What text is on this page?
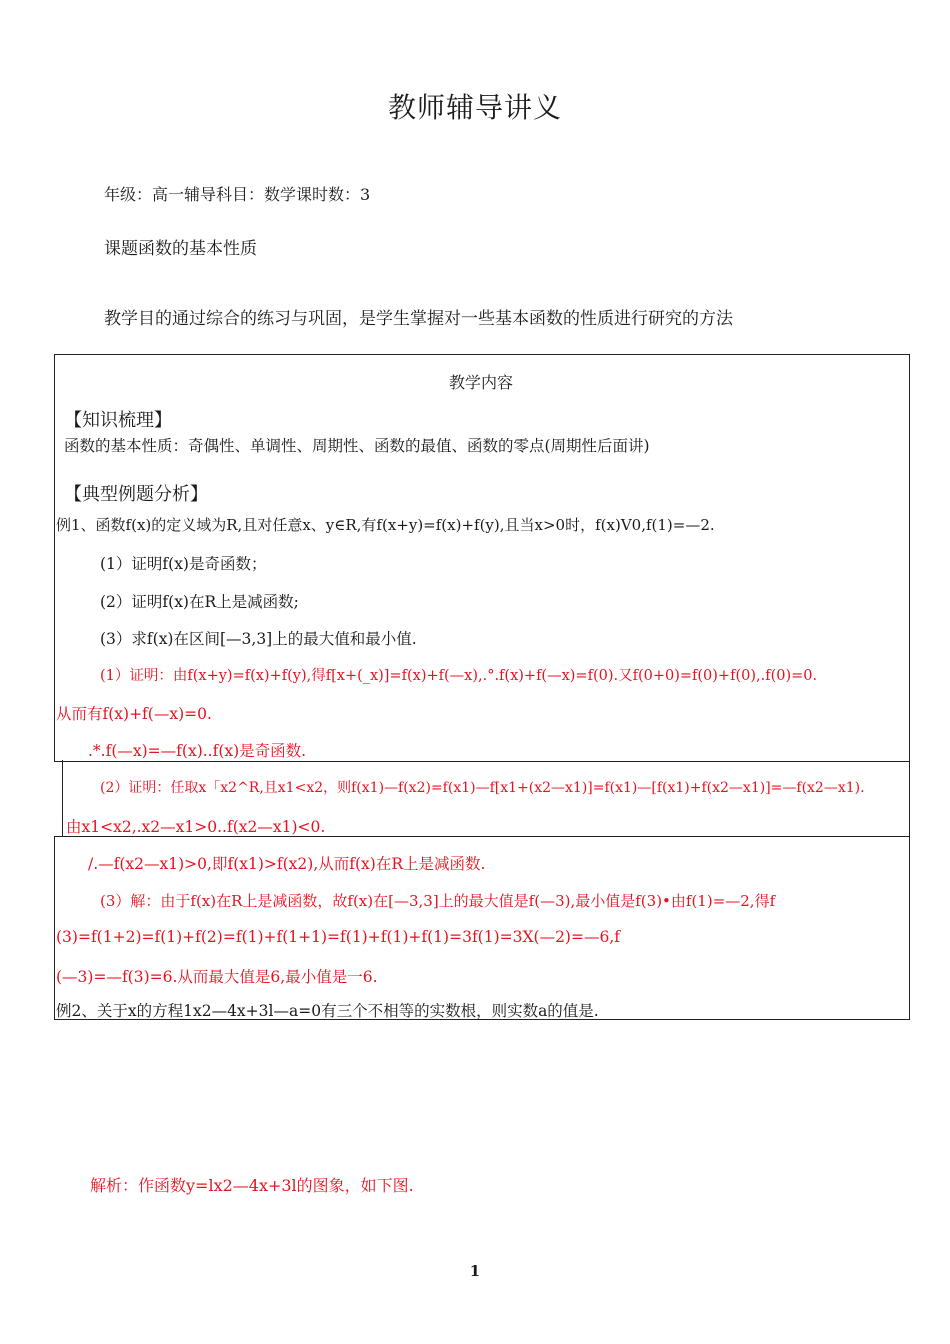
教师辅导讲义
年级：高一辅导科目：数学课时数：3
课题函数的基本性质
教学目的通过综合的练习与巩固，是学生掌握对一些基本函数的性质进行研究的方法
教学内容
【知识梳理】
函数的基本性质：奇偶性、单调性、周期性、函数的最值、函数的零点(周期性后面讲)
【典型例题分析】
例1、函数f(x)的定义域为R,且对任意x、y∈R,有f(x+y)=f(x)+f(y),且当x>0时，f(x)V0,f(1)=—2.
(1）证明f(x)是奇函数；
(2）证明f(x)在R上是减函数;
(3）求f(x)在区间[—3,3]上的最大值和最小值.
(1）证明：由f(x+y)=f(x)+f(y),得f[x+(_x)]=f(x)+f(—x),.°.f(x)+f(—x)=f(0).又f(0+0)=f(0)+f(0),.f(0)=0.
从而有f(x)+f(—x)=0.
.*.f(—x)=—f(x)..f(x)是奇函数.
(2）证明：任取x「x2^R,且x1<x2，则f(x1)—f(x2)=f(x1)—f[x1+(x2—x1)]=f(x1)—[f(x1)+f(x2—x1)]=—f(x2—x1).
由x1<x2,.x2—x1>0..f(x2—x1)<0.
/.—f(x2—x1)>0,即f(x1)>f(x2),从而f(x)在R上是减函数.
(3）解：由于f(x)在R上是减函数，故f(x)在[—3,3]上的最大值是f(—3),最小值是f(3)•由f(1)=—2,得f
(3)=f(1+2)=f(1)+f(2)=f(1)+f(1+1)=f(1)+f(1)+f(1)=3f(1)=3X(—2)=—6,f
(—3)=—f(3)=6.从而最大值是6,最小值是一6.
例2、关于x的方程1x2—4x+3l—a=0有三个不相等的实数根，则实数a的值是.
解析：作函数y=lx2—4x+3l的图象，如下图.
1
